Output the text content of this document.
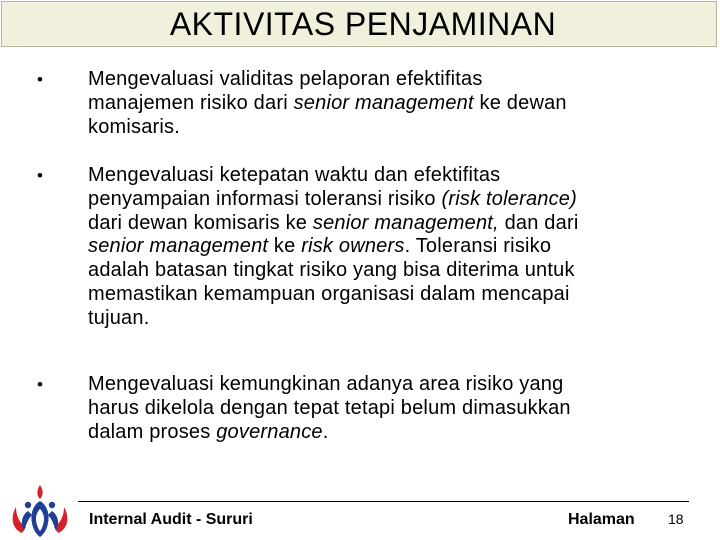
AKTIVITAS PENJAMINAN
• Mengevaluasi validitas pelaporan efektifitas
manajemen risiko dari senior management ke dewan
komisaris.
• Mengevaluasi ketepatan waktu dan efektifitas
penyampaian informasi toleransi risiko (risk tolerance)
dari dewan komisaris ke senior management, dan dari
senior management ke risk owners. Toleransi risiko
adalah batasan tingkat risiko yang bisa diterima untuk
memastikan kemampuan organisasi dalam mencapai
tujuan.
• Mengevaluasi kemungkinan adanya area risiko yang
harus dikelola dengan tepat tetapi belum dimasukkan
dalam proses governance.
Internal Audit - Sururi	Halaman 18
